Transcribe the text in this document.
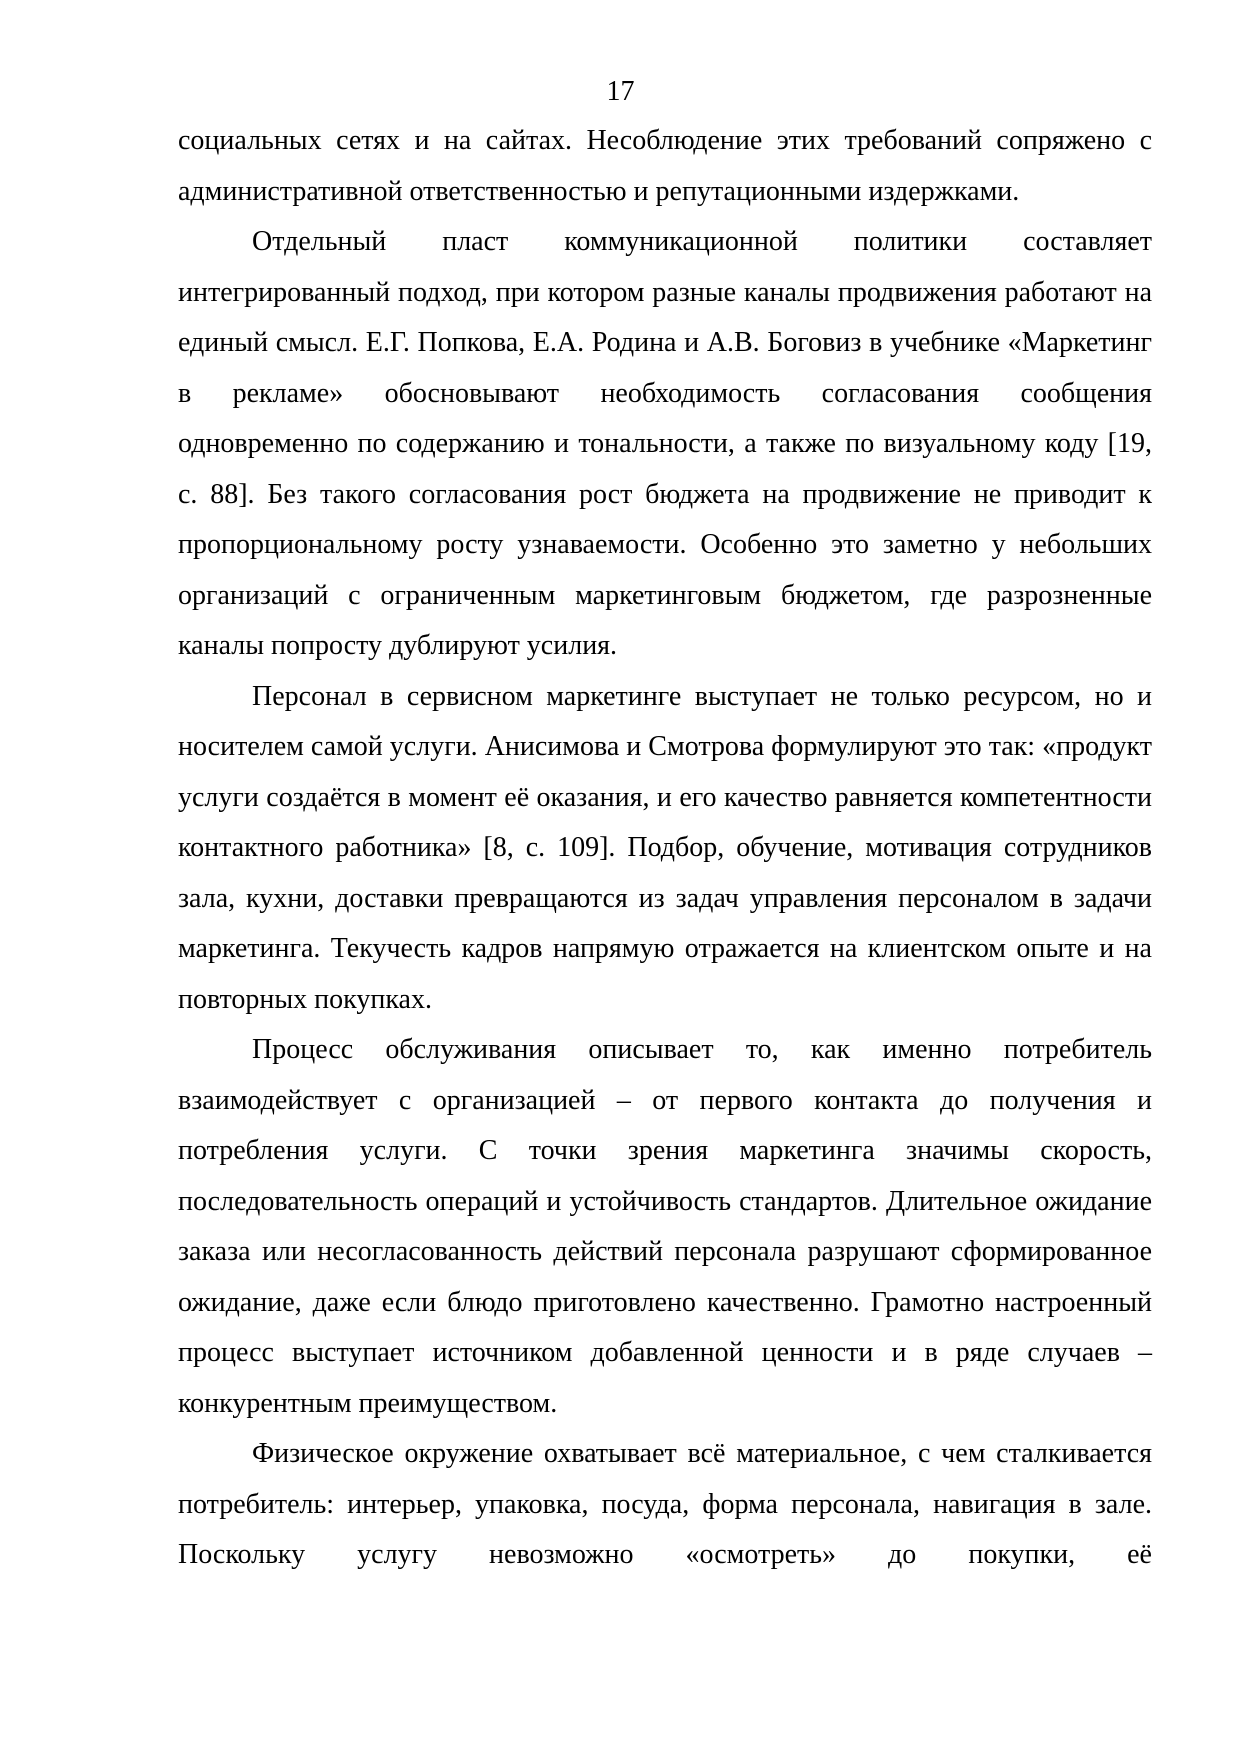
17

социальных сетях и на сайтах. Несоблюдение этих требований сопряжено с административной ответственностью и репутационными издержками.

Отдельный пласт коммуникационной политики составляет интегрированный подход, при котором разные каналы продвижения работают на единый смысл. Е.Г. Попкова, Е.А. Родина и А.В. Боговиз в учебнике «Маркетинг в рекламе» обосновывают необходимость согласования сообщения одновременно по содержанию и тональности, а также по визуальному коду [19, с. 88]. Без такого согласования рост бюджета на продвижение не приводит к пропорциональному росту узнаваемости. Особенно это заметно у небольших организаций с ограниченным маркетинговым бюджетом, где разрозненные каналы попросту дублируют усилия.

Персонал в сервисном маркетинге выступает не только ресурсом, но и носителем самой услуги. Анисимова и Смотрова формулируют это так: «продукт услуги создаётся в момент её оказания, и его качество равняется компетентности контактного работника» [8, с. 109]. Подбор, обучение, мотивация сотрудников зала, кухни, доставки превращаются из задач управления персоналом в задачи маркетинга. Текучесть кадров напрямую отражается на клиентском опыте и на повторных покупках.

Процесс обслуживания описывает то, как именно потребитель взаимодействует с организацией – от первого контакта до получения и потребления услуги. С точки зрения маркетинга значимы скорость, последовательность операций и устойчивость стандартов. Длительное ожидание заказа или несогласованность действий персонала разрушают сформированное ожидание, даже если блюдо приготовлено качественно. Грамотно настроенный процесс выступает источником добавленной ценности и в ряде случаев – конкурентным преимуществом.

Физическое окружение охватывает всё материальное, с чем сталкивается потребитель: интерьер, упаковка, посуда, форма персонала, навигация в зале. Поскольку услугу невозможно «осмотреть» до покупки, её
